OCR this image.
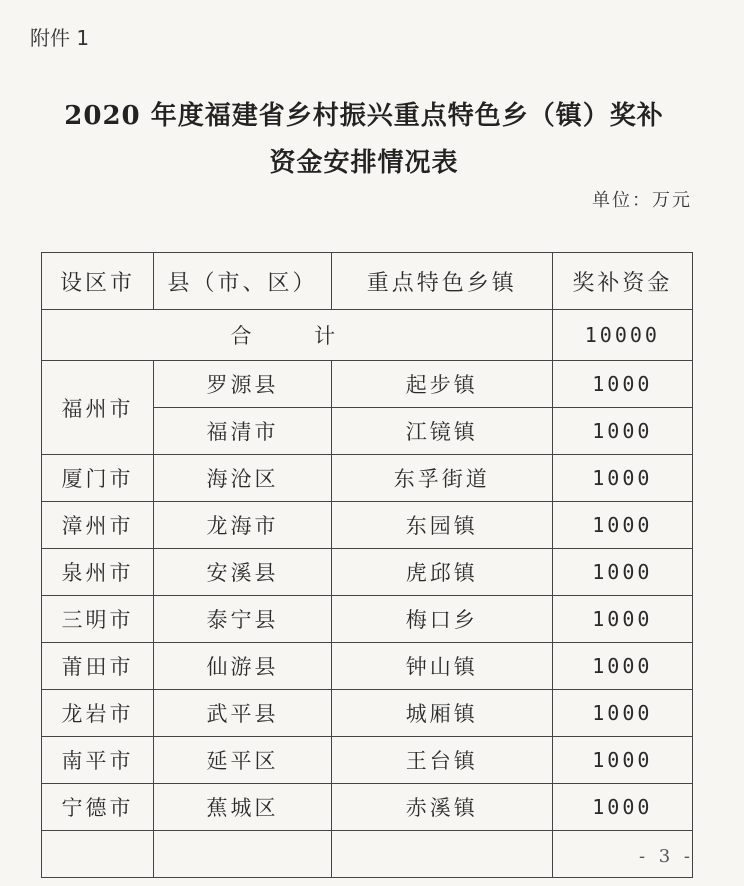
附件 1
2020 年度福建省乡村振兴重点特色乡（镇）奖补
资金安排情况表
单位：万元
设区市	县（市、区）	重点特色乡镇	奖补资金
合 计			10000
福州市	罗源县	起步镇	1000
	福清市	江镜镇	1000
厦门市	海沧区	东孚街道	1000
漳州市	龙海市	东园镇	1000
泉州市	安溪县	虎邱镇	1000
三明市	泰宁县	梅口乡	1000
莆田市	仙游县	钟山镇	1000
龙岩市	武平县	城厢镇	1000
南平市	延平区	王台镇	1000
宁德市	蕉城区	赤溪镇	1000

- 3 -
